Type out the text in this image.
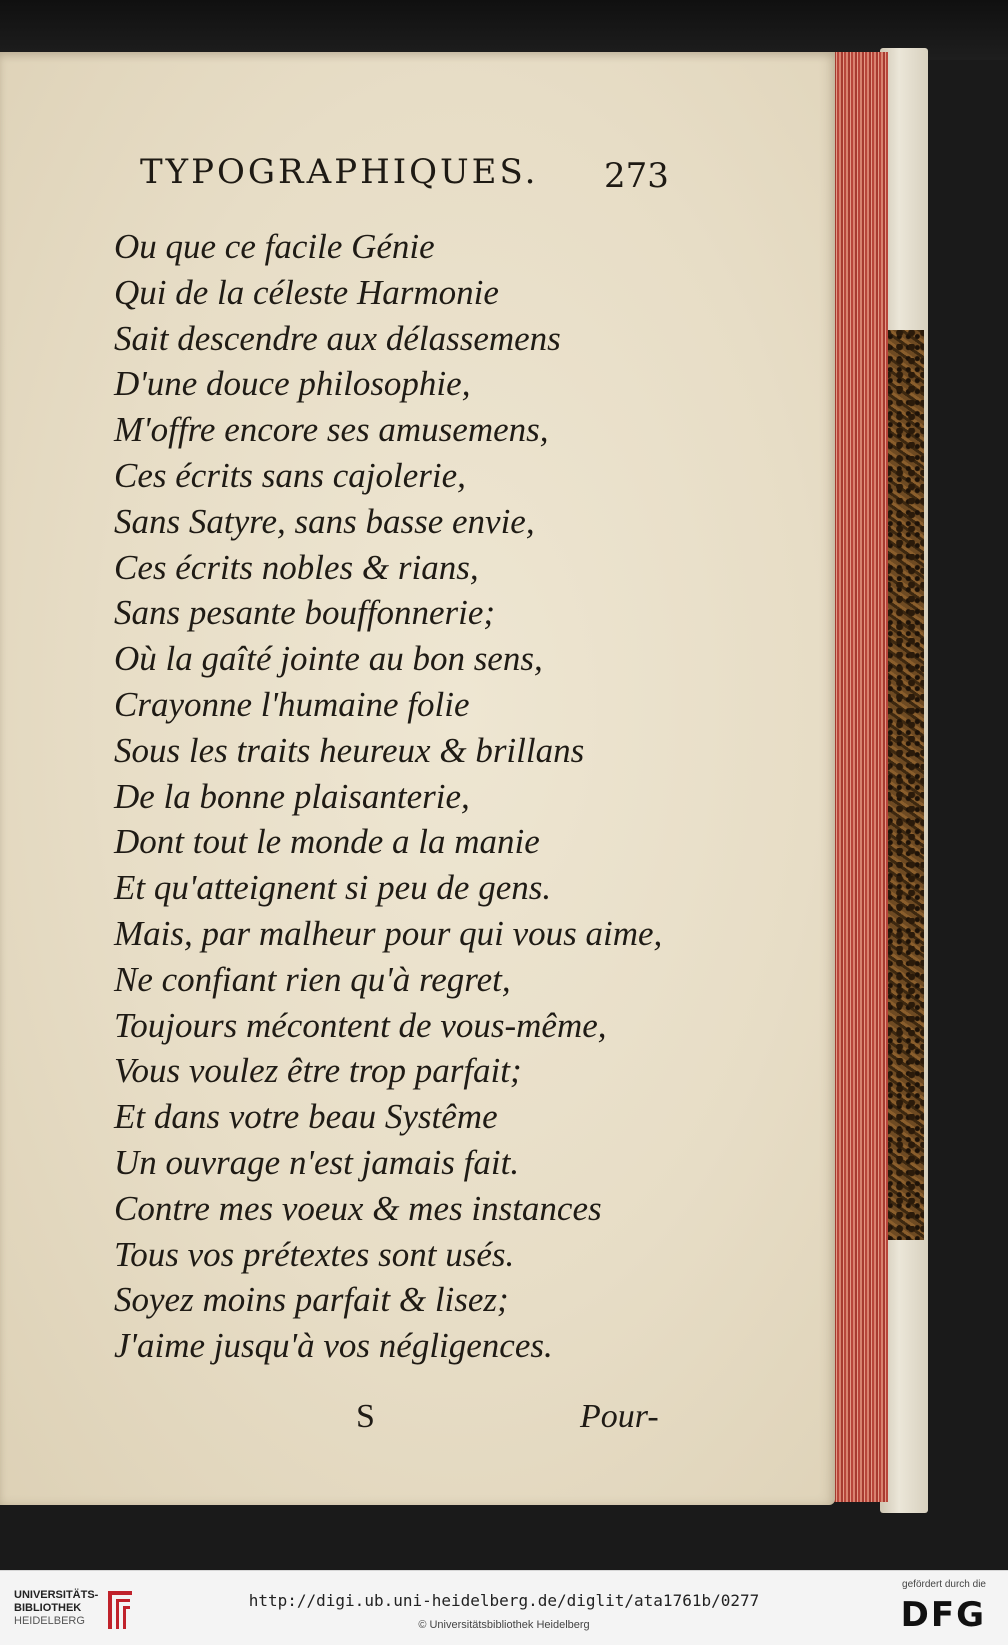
TYPOGRAPHIQUES. 273
Ou que ce facile Génie
Qui de la céleste Harmonie
Sait descendre aux délassemens
D'une douce philosophie,
M'offre encore ses amusemens,
Ces écrits sans cajolerie,
Sans Satyre, sans basse envie,
Ces écrits nobles & rians,
Sans pesante bouffonnerie;
Où la gaîté jointe au bon sens,
Crayonne l'humaine folie
Sous les traits heureux & brillans
De la bonne plaisanterie,
Dont tout le monde a la manie
Et qu'atteignent si peu de gens.
Mais, par malheur pour qui vous aime,
Ne confiant rien qu'à regret,
Toujours mécontent de vous-même,
Vous voulez être trop parfait;
Et dans votre beau Systême
Un ouvrage n'est jamais fait.
Contre mes voeux & mes instances
Tous vos prétextes sont usés.
Soyez moins parfait & lisez;
J'aime jusqu'à vos négligences.
S	Pour-
UNIVERSITÄTS-
BIBLIOTHEK
HEIDELBERG
http://digi.ub.uni-heidelberg.de/diglit/ata1761b/0277
© Universitätsbibliothek Heidelberg
gefördert durch die
DFG
